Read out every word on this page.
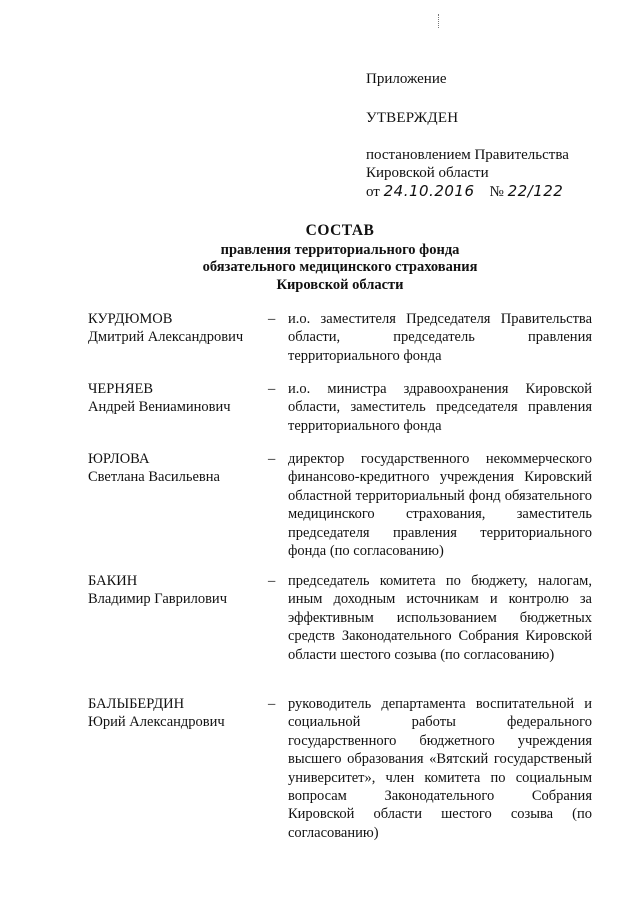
Приложение

УТВЕРЖДЕН

постановлением Правительства

Кировской области

от 24.10.2016 № 22/122

СОСТАВ
правления территориального фонда
обязательного медицинского страхования
Кировской области
КУРДЮМОВ
Дмитрий Александрович
– и.о. заместителя Председателя Правительства области, председатель правления территориального фонда
ЧЕРНЯЕВ
Андрей Вениаминович
– и.о. министра здравоохранения Кировской области, заместитель председателя правления территориального фонда
ЮРЛОВА
Светлана Васильевна
– директор государственного некоммерческого финансово-кредитного учреждения Кировский областной территориальный фонд обязательного медицинского страхования, заместитель председателя правления территориального фонда (по согласованию)
БАКИН
Владимир Гаврилович
– председатель комитета по бюджету, налогам, иным доходным источникам и контролю за эффективным использованием бюджетных средств Законодательного Собрания Кировской области шестого созыва (по согласованию)
БАЛЫБЕРДИН
Юрий Александрович
– руководитель департамента воспитательной и социальной работы федерального государственного бюджетного учреждения высшего образования «Вятский государственый университет», член комитета по социальным вопросам Законодательного Собрания Кировской области шестого созыва (по согласованию)
